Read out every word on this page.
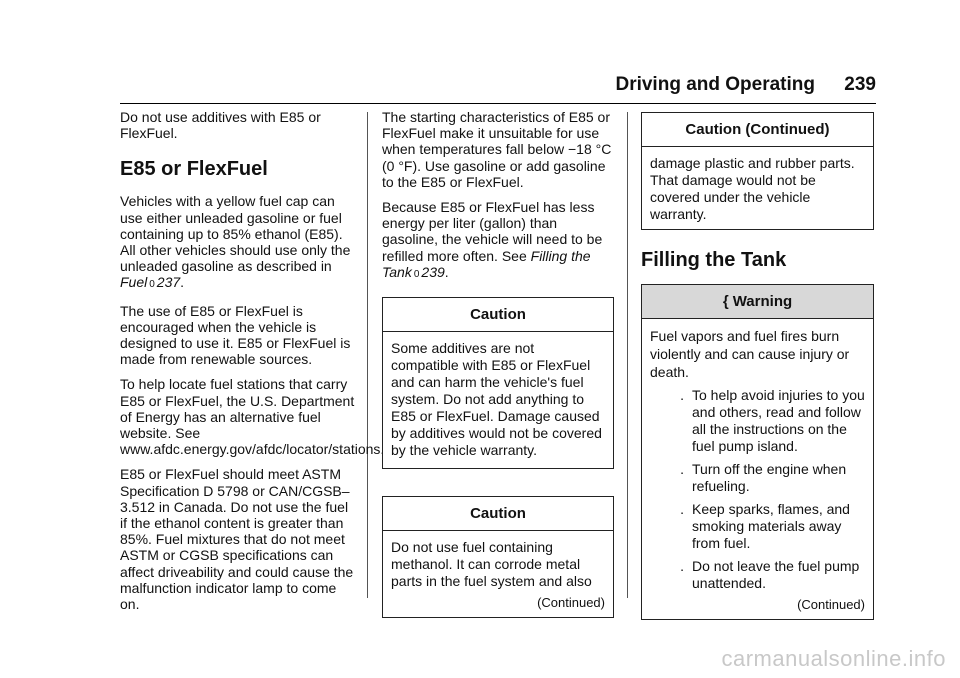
Driving and Operating 239

Do not use additives with E85 or FlexFuel.

E85 or FlexFuel

Vehicles with a yellow fuel cap can use either unleaded gasoline or fuel containing up to 85% ethanol (E85). All other vehicles should use only the unleaded gasoline as described in Fuel 0 237.

The use of E85 or FlexFuel is encouraged when the vehicle is designed to use it. E85 or FlexFuel is made from renewable sources.

To help locate fuel stations that carry E85 or FlexFuel, the U.S. Department of Energy has an alternative fuel website. See www.afdc.energy.gov/afdc/locator/stations.

E85 or FlexFuel should meet ASTM Specification D 5798 or CAN/CGSB–3.512 in Canada. Do not use the fuel if the ethanol content is greater than 85%. Fuel mixtures that do not meet ASTM or CGSB specifications can affect driveability and could cause the malfunction indicator lamp to come on.

The starting characteristics of E85 or FlexFuel make it unsuitable for use when temperatures fall below −18 °C (0 °F). Use gasoline or add gasoline to the E85 or FlexFuel.

Because E85 or FlexFuel has less energy per liter (gallon) than gasoline, the vehicle will need to be refilled more often. See Filling the Tank 0 239.

Caution
Some additives are not compatible with E85 or FlexFuel and can harm the vehicle's fuel system. Do not add anything to E85 or FlexFuel. Damage caused by additives would not be covered by the vehicle warranty.
Caution

Do not use fuel containing methanol. It can corrode metal parts in the fuel system and also

(Continued)
Caution (Continued)
damage plastic and rubber parts. That damage would not be covered under the vehicle warranty.
Filling the Tank
{ Warning

Fuel vapors and fuel fires burn violently and can cause injury or death.

. To help avoid injuries to you and others, read and follow all the instructions on the fuel pump island.
. Turn off the engine when refueling.
. Keep sparks, flames, and smoking materials away from fuel.
. Do not leave the fuel pump unattended.
(Continued)
carmanualsonline.info
